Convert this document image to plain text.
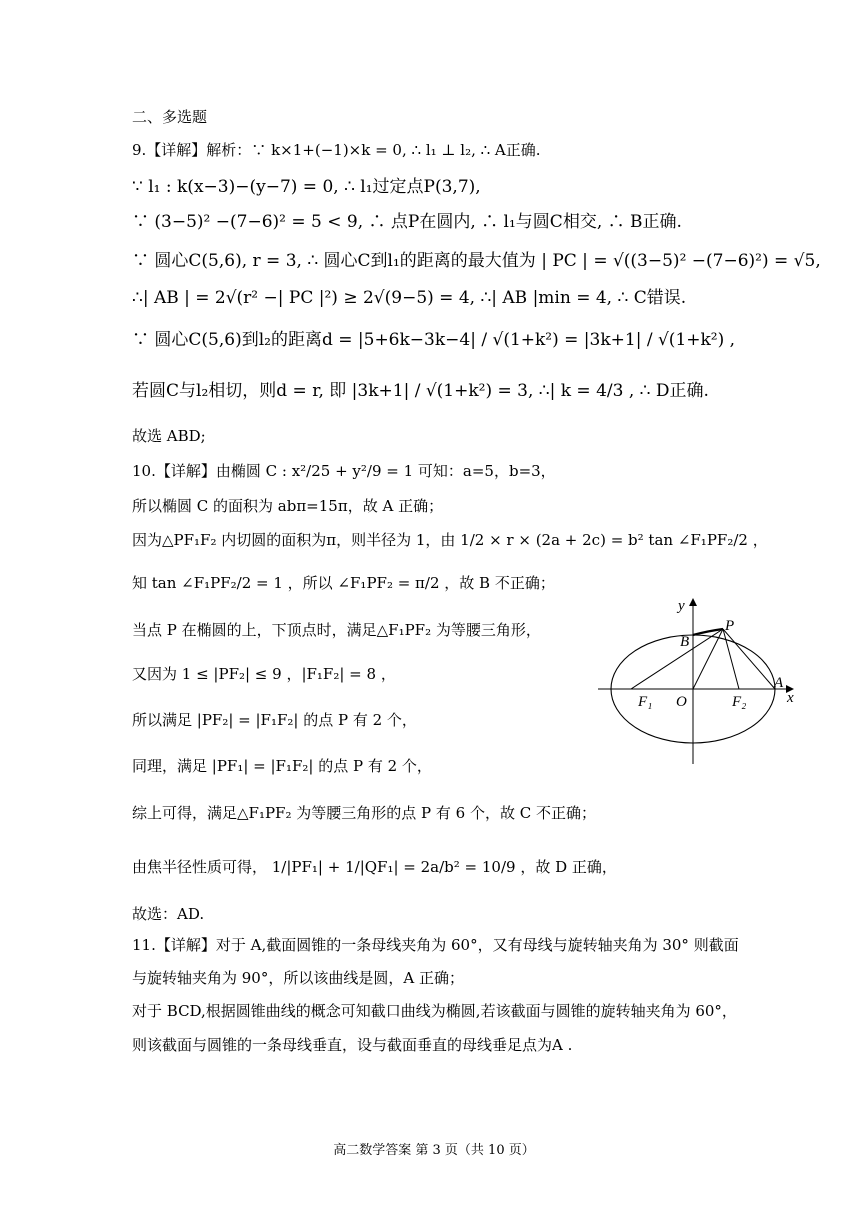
二、多选题
9.【详解】解析：∵ k×1+(−1)×k = 0, ∴ l₁ ⊥ l₂, ∴ A正确.
∵ l₁ : k(x−3)−(y−7) = 0, ∴ l₁过定点P(3,7),
∵ (3−5)² −(7−6)² = 5 < 9, ∴ 点P在圆内, ∴ l₁与圆C相交, ∴ B正确.
∵ 圆心C(5,6), r = 3, ∴ 圆心C到l₁的距离的最大值为 | PC | = √((3−5)² −(7−6)²) = √5,
∴| AB | = 2√(r² −| PC |²) ≥ 2√(9−5) = 4, ∴| AB |min = 4, ∴ C错误.
∵ 圆心C(5,6)到l₂的距离d = |5+6k−3k−4| / √(1+k²) = |3k+1| / √(1+k²) ,
若圆C与l₂相切，则d = r, 即 |3k+1| / √(1+k²) = 3, ∴| k = 4/3 , ∴ D正确.
故选 ABD;
10.【详解】由椭圆 C : x²/25 + y²/9 = 1 可知：a=5，b=3，
所以椭圆 C 的面积为 abπ=15π，故 A 正确；
因为△PF₁F₂ 内切圆的面积为π，则半径为 1，由 1/2 × r × (2a + 2c) = b² tan ∠F₁PF₂/2 ，
知 tan ∠F₁PF₂/2 = 1 ，所以 ∠F₁PF₂ = π/2 ，故 B 不正确；
当点 P 在椭圆的上，下顶点时，满足△F₁PF₂ 为等腰三角形，
又因为 1 ≤ |PF₂| ≤ 9 ，|F₁F₂| = 8 ，
所以满足 |PF₂| = |F₁F₂| 的点 P 有 2 个，
同理，满足 |PF₁| = |F₁F₂| 的点 P 有 2 个，
综上可得，满足△F₁PF₂ 为等腰三角形的点 P 有 6 个，故 C 不正确；
由焦半径性质可得， 1/|PF₁| + 1/|QF₁| = 2a/b² = 10/9 ，故 D 正确，
故选：AD.
y
x
P
B
A
O
F₁	F₂
11.【详解】对于 A,截面圆锥的一条母线夹角为 60°，又有母线与旋转轴夹角为 30° 则截面
与旋转轴夹角为 90°，所以该曲线是圆，A 正确；
对于 BCD,根据圆锥曲线的概念可知截口曲线为椭圆,若该截面与圆锥的旋转轴夹角为 60°，
则该截面与圆锥的一条母线垂直，设与截面垂直的母线垂足点为A .
高二数学答案 第 3 页（共 10 页）
